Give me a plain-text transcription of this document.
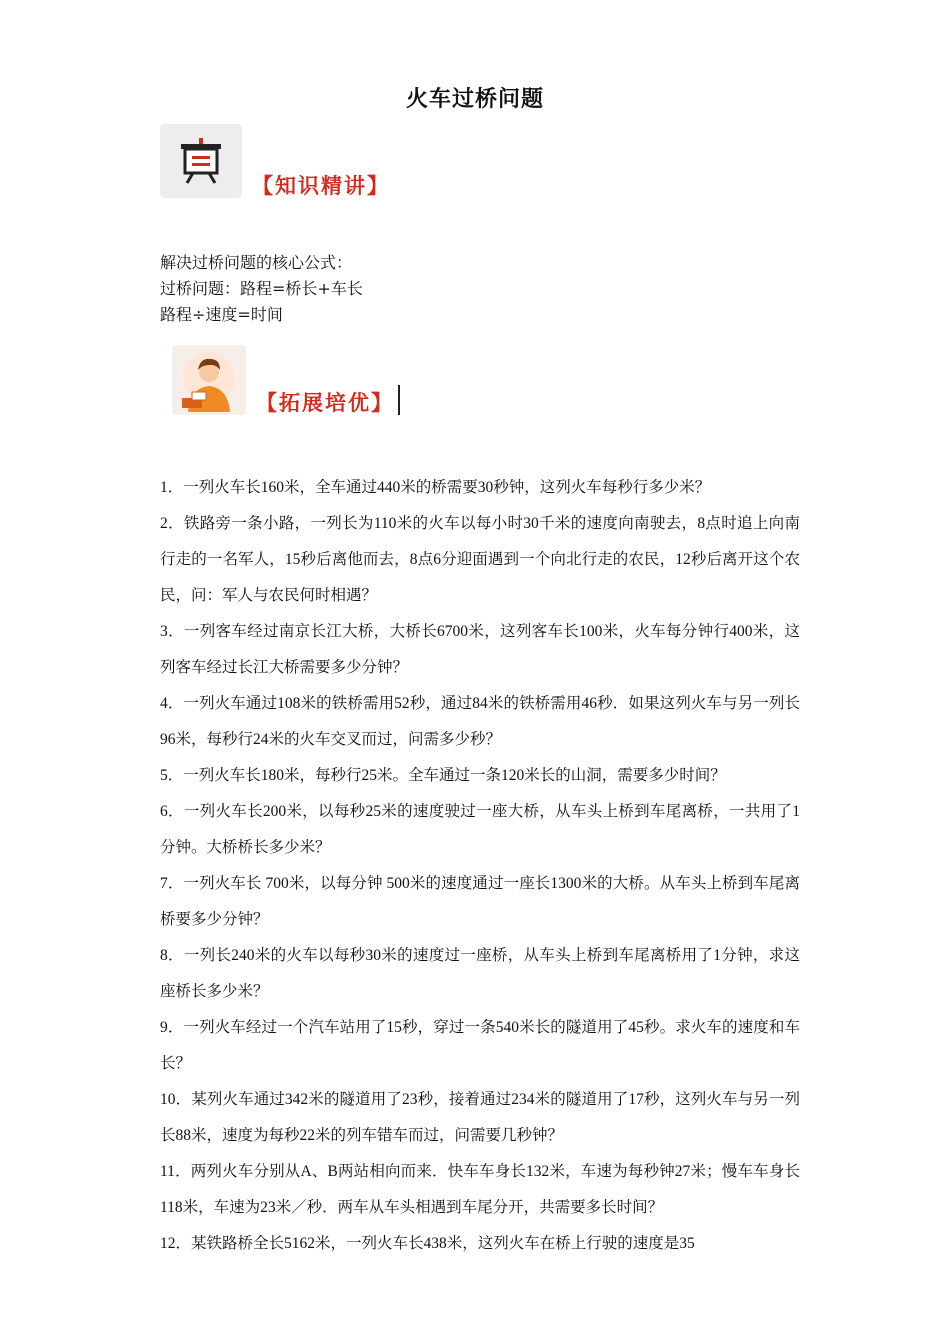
火车过桥问题
【知识精讲】
解决过桥问题的核心公式：
过桥问题：路程=桥长+车长
路程÷速度=时间
【拓展培优】
1．一列火车长160米，全车通过440米的桥需要30秒钟，这列火车每秒行多少米？
2．铁路旁一条小路，一列长为110米的火车以每小时30千米的速度向南驶去，8点时追上向南行走的一名军人，15秒后离他而去，8点6分迎面遇到一个向北行走的农民，12秒后离开这个农民，问：军人与农民何时相遇？
3．一列客车经过南京长江大桥，大桥长6700米，这列客车长100米，火车每分钟行400米，这列客车经过长江大桥需要多少分钟？
4．一列火车通过108米的铁桥需用52秒，通过84米的铁桥需用46秒．如果这列火车与另一列长96米，每秒行24米的火车交叉而过，问需多少秒？
5．一列火车长180米，每秒行25米。全车通过一条120米长的山洞，需要多少时间？
6．一列火车长200米，以每秒25米的速度驶过一座大桥，从车头上桥到车尾离桥，一共用了1分钟。大桥桥长多少米？
7．一列火车长 700米，以每分钟 500米的速度通过一座长1300米的大桥。从车头上桥到车尾离桥要多少分钟？
8．一列长240米的火车以每秒30米的速度过一座桥，从车头上桥到车尾离桥用了1分钟，求这座桥长多少米？
9．一列火车经过一个汽车站用了15秒，穿过一条540米长的隧道用了45秒。求火车的速度和车长？
10．某列火车通过342米的隧道用了23秒，接着通过234米的隧道用了17秒，这列火车与另一列长88米，速度为每秒22米的列车错车而过，问需要几秒钟？
11．两列火车分别从A、B两站相向而来．快车车身长132米，车速为每秒钟27米；慢车车身长118米，车速为23米／秒．两车从车头相遇到车尾分开，共需要多长时间？
12．某铁路桥全长5162米，一列火车长438米，这列火车在桥上行驶的速度是35
